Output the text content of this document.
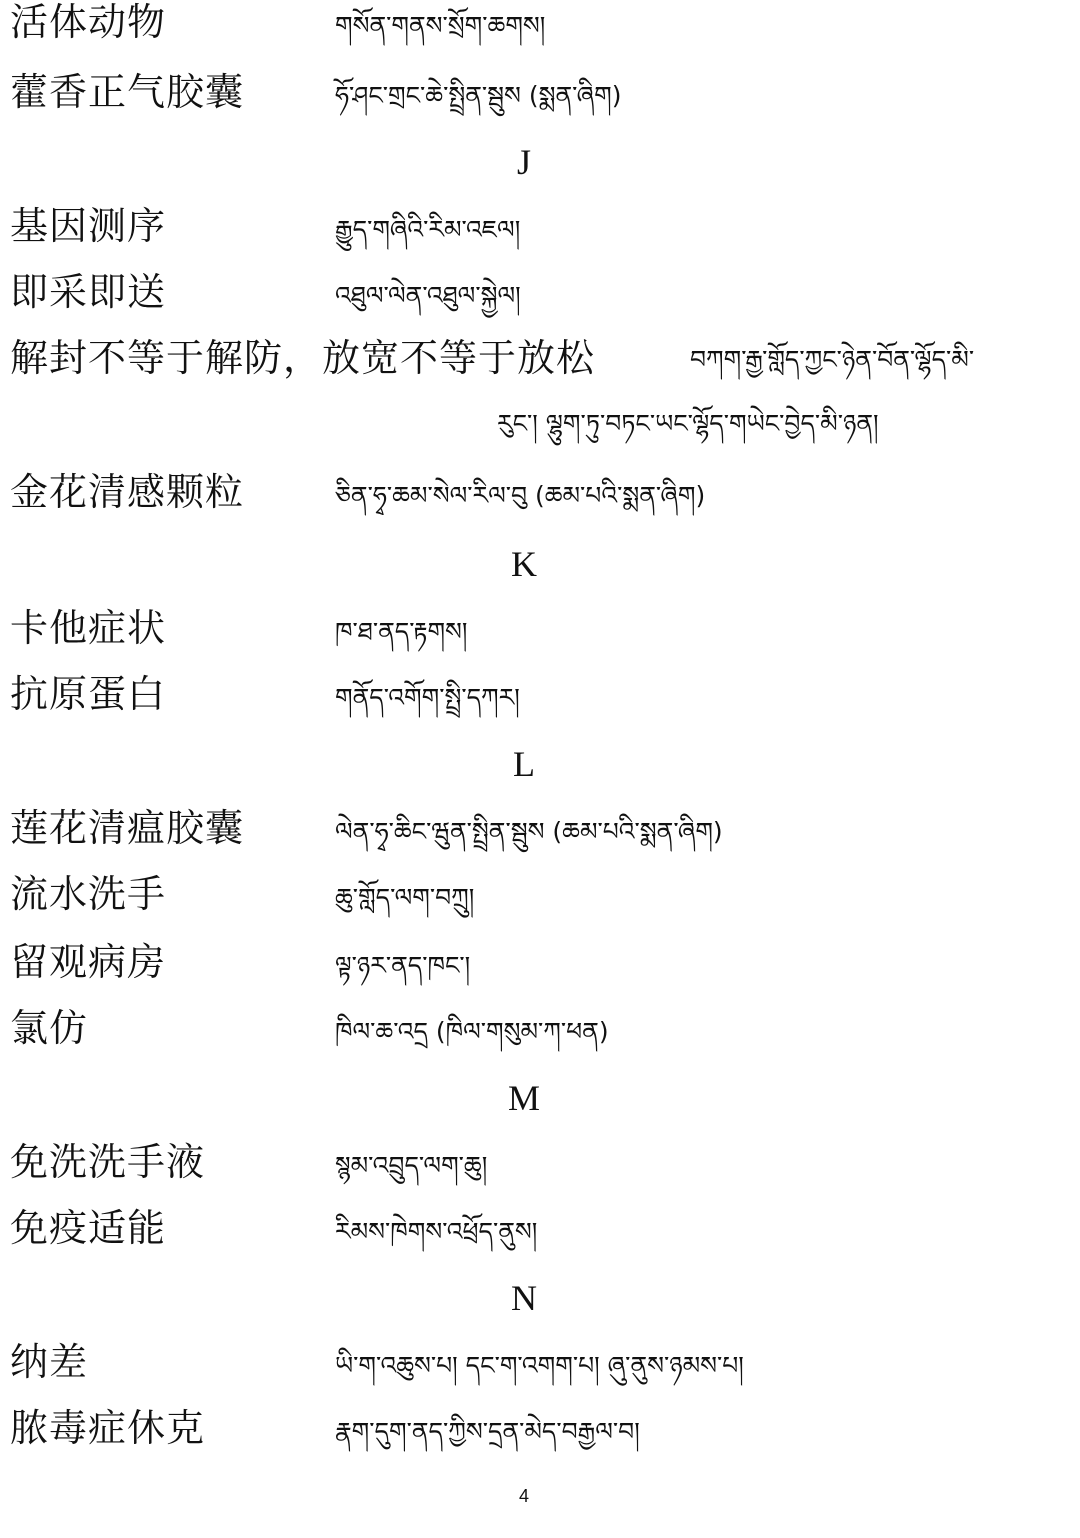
活体动物	གསོན་གནས་སྲོག་ཆགས།
藿香正气胶囊	ཧོ་ཤང་གྲང་ཆེ་སྤྲིན་སྦུས (སྨན་ཞིག)
J
基因测序	རྒྱུད་གཞིའི་རིམ་འཇལ།
即采即送	འཐུལ་ལེན་འཐུལ་སྐྱེལ།
解封不等于解防，放宽不等于放松	བཀག་རྒྱ་གློད་ཀྱང་ཉེན་བོན་ལྷོད་མི་
རུང་། ལྷུག་ཏུ་བཏང་ཡང་ལྷོད་གཡེང་བྱེད་མི་ཉན།
金花清感颗粒	ཅིན་ཧྭ་ཆམ་སེལ་རིལ་བུ (ཆམ་པའི་སྨན་ཞིག)
K
卡他症状	ཁ་ཐ་ནད་རྟགས།
抗原蛋白	གནོད་འགོག་སྤྲི་དཀར།
L
莲花清瘟胶囊	ལེན་ཧྭ་ཆིང་ཝུན་སྤྲིན་སྦུས (ཆམ་པའི་སྨན་ཞིག)
流水洗手	ཆུ་གློད་ལག་བཀྲུ།
留观病房	ལྟ་ཉར་ནད་ཁང་།
氯仿	ཁིལ་ཆ་འདྲ (ཁིལ་གསུམ་ཀ་ཕན)
M
免洗洗手液	སྙམ་འབྲུད་ལག་ཆུ།
免疫适能	རིམས་ཁེགས་འཕྲོད་ནུས།
N
纳差	ཡི་ག་འཆུས་པ། དང་ག་འགག་པ། ཞུ་ནུས་ཉམས་པ།
脓毒症休克	རྣག་དུག་ནད་ཀྱིས་དྲན་མེད་བརྒྱལ་བ།
4
